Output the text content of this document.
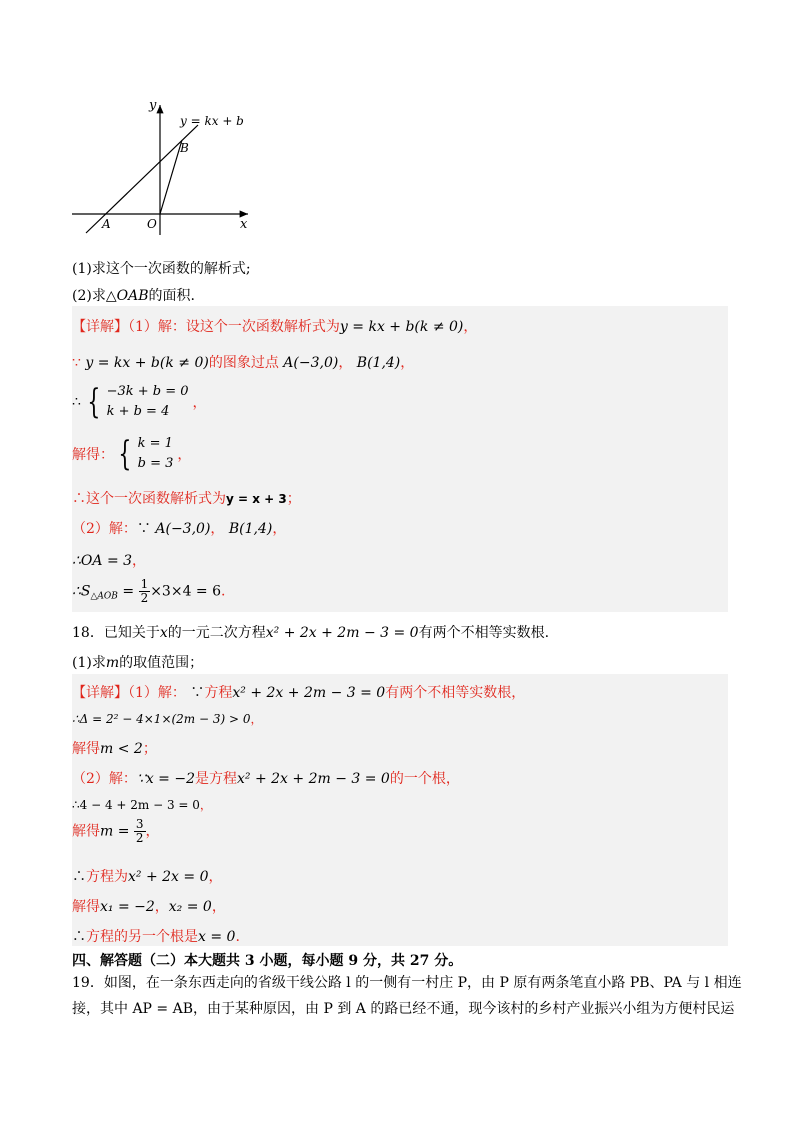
y
x
y = kx + b
A
B
O
(1)求这个一次函数的解析式;
(2)求△OAB的面积.
【详解】（1）解：设这个一次函数解析式为y = kx + b(k ≠ 0)，
∵ y = kx + b(k ≠ 0)的图象过点 A(−3,0)， B(1,4)，
∴ { −3k + b = 0
k + b = 4
，
解得： { k = 1
b = 3
，
∴这个一次函数解析式为y = x + 3；
（2）解：∵ A(−3,0)， B(1,4)，
∴OA = 3，
$\therefore S_{\triangle AOB} = \frac{1}{2} \times 3\times 4 = 6$.
18．已知关于x的一元二次方程x² + 2x + 2m − 3 = 0有两个不相等实数根.
(1)求m的取值范围；
【详解】（1）解： ∵方程x² + 2x + 2m − 3 = 0有两个不相等实数根，
∴Δ = 2² − 4×1×(2m − 3) > 0，
解得m < 2；
（2）解：∵x = −2是方程x² + 2x + 2m − 3 = 0的一个根，
∴4 − 4 + 2m − 3 = 0，
解得$m = \frac{3}{2}$ ，
∴方程为x² + 2x = 0，
解得x₁ = −2，x₂ = 0，
∴方程的另一个根是x = 0.
四、解答题（二）本大题共 3 小题，每小题 9 分，共 27 分。
19．如图，在一条东西走向的省级干线公路 l 的一侧有一村庄 P，由 P 原有两条笔直小路 PB、PA 与 l 相连
接，其中 AP = AB，由于某种原因，由 P 到 A 的路已经不通，现今该村的乡村产业振兴小组为方便村民运
